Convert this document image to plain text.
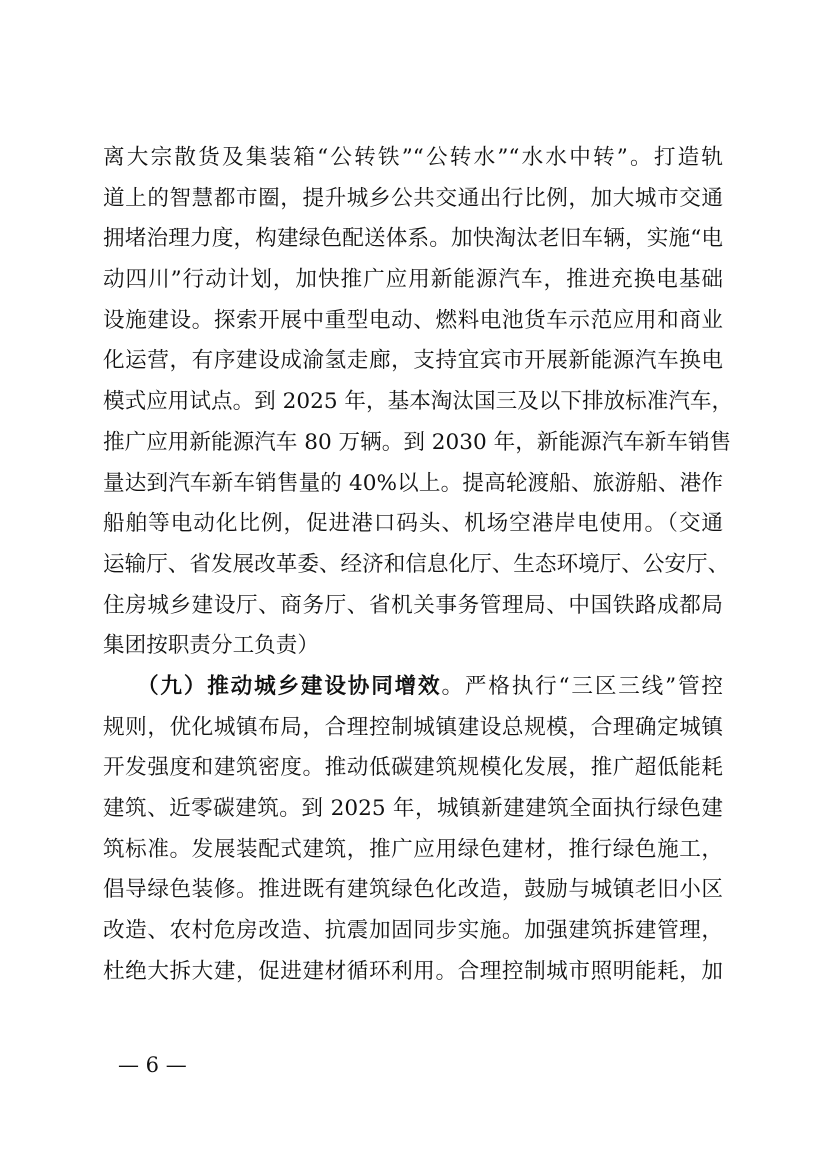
离大宗散货及集装箱“公转铁”“公转水”“水水中转”。打造轨
道上的智慧都市圈，提升城乡公共交通出行比例，加大城市交通
拥堵治理力度，构建绿色配送体系。加快淘汰老旧车辆，实施“电
动四川”行动计划，加快推广应用新能源汽车，推进充换电基础
设施建设。探索开展中重型电动、燃料电池货车示范应用和商业
化运营，有序建设成渝氢走廊，支持宜宾市开展新能源汽车换电
模式应用试点。到 2025 年，基本淘汰国三及以下排放标准汽车，
推广应用新能源汽车 80 万辆。到 2030 年，新能源汽车新车销售
量达到汽车新车销售量的 40%以上。提高轮渡船、旅游船、港作
船舶等电动化比例，促进港口码头、机场空港岸电使用。（交通
运输厅、省发展改革委、经济和信息化厅、生态环境厅、公安厅、
住房城乡建设厅、商务厅、省机关事务管理局、中国铁路成都局
集团按职责分工负责）
（九）推动城乡建设协同增效。严格执行“三区三线”管控
规则，优化城镇布局，合理控制城镇建设总规模，合理确定城镇
开发强度和建筑密度。推动低碳建筑规模化发展，推广超低能耗
建筑、近零碳建筑。到 2025 年，城镇新建建筑全面执行绿色建
筑标准。发展装配式建筑，推广应用绿色建材，推行绿色施工，
倡导绿色装修。推进既有建筑绿色化改造，鼓励与城镇老旧小区
改造、农村危房改造、抗震加固同步实施。加强建筑拆建管理，
杜绝大拆大建，促进建材循环利用。合理控制城市照明能耗，加
— 6 —
